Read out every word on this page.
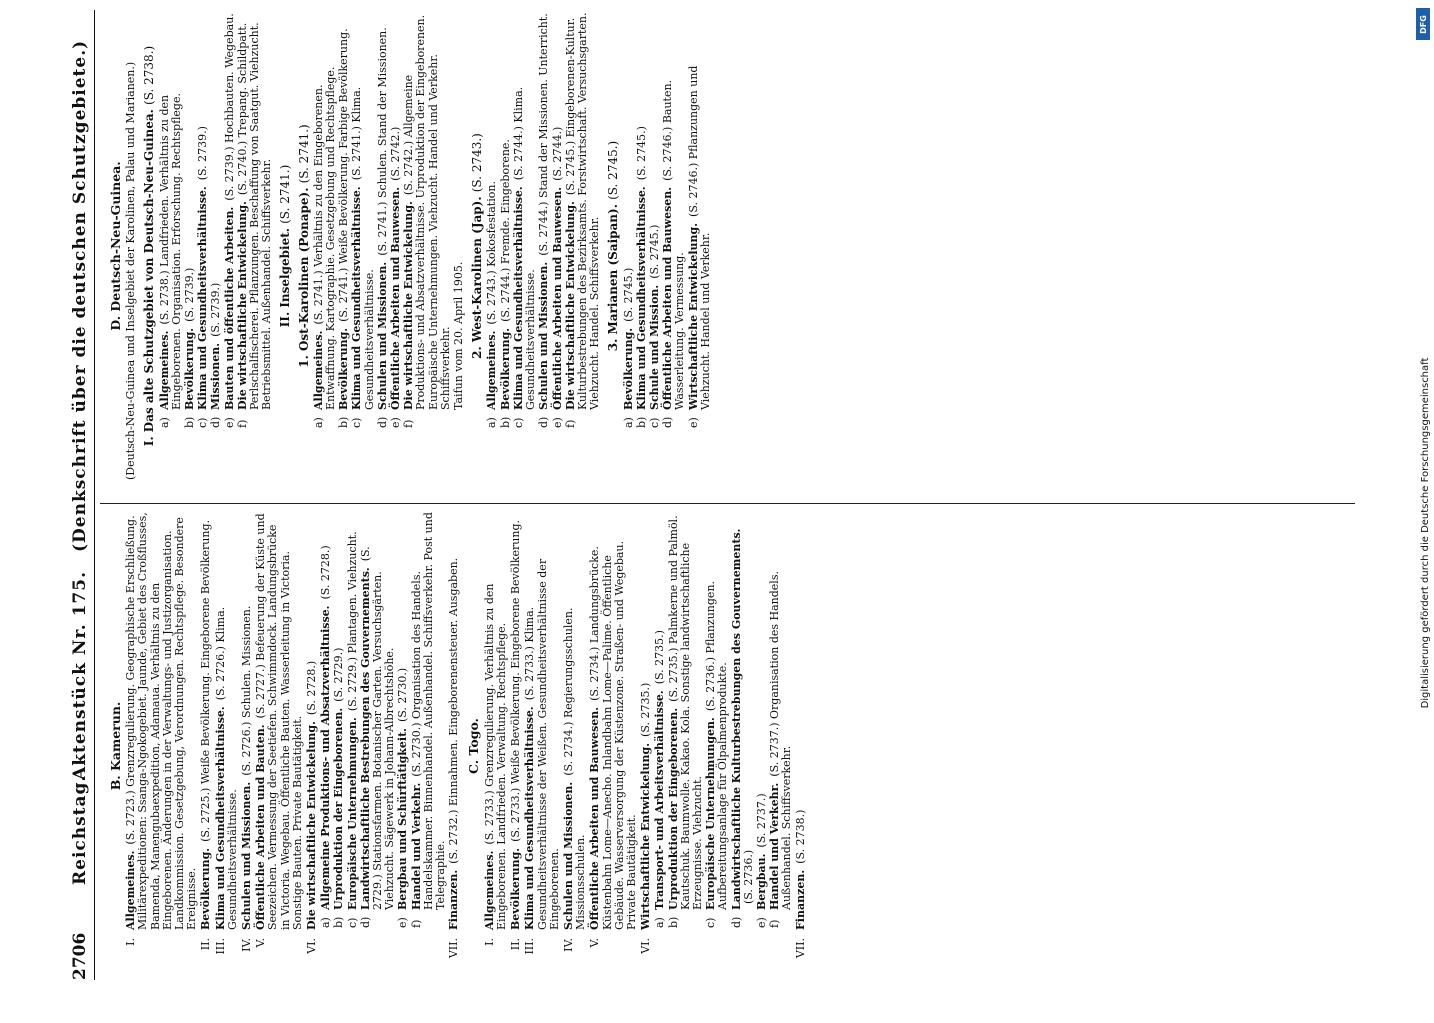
2706
Reichstag.
Aktenstück Nr. 175.
(Denkschrift über die deutschen Schutzgebiete.)
B. Kamerun.
I.
Allgemeines.(S. 2723.) Grenzregulierung. Geographische Erschließung. Militärexpeditionen: Ssanga-Ngokogebiet. Jaunde, Gebiet des Croßflusses, Bamenda, Manengubaexpedition, Adamaua. Verhältnis zu den Eingeborenen. Änderungen in der Verwaltungs- und Justizorganisation. Landkommission. Gesetzgebung, Verordnungen. Rechtspflege. Besondere Ereignisse.
II.
Bevölkerung.(S. 2725.) Weiße Bevölkerung. Eingeborene Bevölkerung.
III.
Klima und Gesundheitsverhältnisse.(S. 2726.) Klima. Gesundheitsverhältnisse.
IV.
Schulen und Missionen.(S. 2726.) Schulen. Missionen.
V.
Öffentliche Arbeiten und Bauten.(S. 2727.) Befeuerung der Küste und Seezeichen. Vermessung der Seetiefen. Schwimmdock. Landungsbrücke in Victoria. Wegebau. Öffentliche Bauten. Wasserleitung in Victoria. Sonstige Bauten. Private Bautätigkeit.
VI.
Die wirtschaftliche Entwickelung.(S. 2728.)
a)
Allgemeine Produktions- und Absatzverhältnisse.(S. 2728.)
b)
Urproduktion der Eingeborenen.(S. 2729.)
c)
Europäische Unternehmungen.(S. 2729.) Plantagen. Viehzucht.
d)
Landwirtschaftliche Bestrebungen des Gouvernements.(S. 2729.) Stationsfarmen. Botanischer Garten. Versuchsgärten. Viehzucht. Sägewerk in Johann-Albrechtshöhe.
e)
Bergbau und Schürftätigkeit.(S. 2730.)
f)
Handel und Verkehr.(S. 2730.) Organisation des Handels. Handelskammer. Binnenhandel. Außenhandel. Schiffsverkehr. Post und Telegraphie.
VII.
Finanzen.(S. 2732.) Einnahmen. Eingeborenensteuer. Ausgaben. C. Togo.
I.
Allgemeines.(S. 2733.) Grenzregulierung. Verhältnis zu den Eingeborenen. Landfrieden. Verwaltung. Rechtspflege.
II.
Bevölkerung.(S. 2733.) Weiße Bevölkerung. Eingeborene Bevölkerung.
III.
Klima und Gesundheitsverhältnisse.(S. 2733.) Klima. Gesundheitsverhältnisse der Weißen. Gesundheitsverhältnisse der Eingeborenen.
IV.
Schulen und Missionen.(S. 2734.) Regierungsschulen. Missionsschulen.
V.
Öffentliche Arbeiten und Bauwesen.(S. 2734.) Landungsbrücke. Küstenbahn Lome—Anecho. Inlandbahn Lome—Palime. Öffentliche Gebäude. Wasserversorgung der Küstenzone. Straßen- und Wegebau. Private Bautätigkeit.
VI.
Wirtschaftliche Entwickelung.(S. 2735.)
a)
Transport- und Arbeitsverhältnisse.(S. 2735.)
b)
Urproduktion der Eingeborenen.(S. 2735.) Palmkerne und Palmöl. Kautschuk. Baumwolle. Kakao. Kola. Sonstige landwirtschaftliche Erzeugnisse. Viehzucht.
c)
Europäische Unternehmungen.(S. 2736.) Pflanzungen. Aufbereitungsanlage für Ölpalmenprodukte.
d)
Landwirtschaftliche Kulturbestrebungen des Gouvernements.(S. 2736.)
e)
Bergbau.(S. 2737.)
f)
Handel und Verkehr.(S. 2737.) Organisation des Handels. Außenhandel. Schiffsverkehr.
VII.
Finanzen.(S. 2738.)
D. Deutsch-Neu-Guinea. (Deutsch-Neu-Guinea und Inselgebiet der Karolinen, Palau und Marianen.) I. Das alte Schutzgebiet von Deutsch-Neu-Guinea. (S. 2738.)
a)
Allgemeines.(S. 2738.) Landfrieden. Verhältnis zu den Eingeborenen. Organisation. Erforschung. Rechtspflege.
b)
Bevölkerung.(S. 2739.)
c)
Klima und Gesundheitsverhältnisse.(S. 2739.)
d)
Missionen.(S. 2739.)
e)
Bauten und öffentliche Arbeiten.(S. 2739.) Hochbauten. Wegebau.
f)
Die wirtschaftliche Entwickelung.(S. 2740.) Trepang. Schildpatt. Perlschalfischerei. Pflanzungen. Beschaffung von Saatgut. Viehzucht. Betriebsmittel. Außenhandel. Schiffsverkehr. II. Inselgebiet. (S. 2741.) 1. Ost-Karolinen (Ponape). (S. 2741.)
a)
Allgemeines.(S. 2741.) Verhältnis zu den Eingeborenen. Entwaffnung. Kartographie. Gesetzgebung und Rechtspflege.
b)
Bevölkerung.(S. 2741.) Weiße Bevölkerung. Farbige Bevölkerung.
c)
Klima und Gesundheitsverhältnisse.(S. 2741.) Klima. Gesundheitsverhältnisse.
d)
Schulen und Missionen.(S. 2741.) Schulen. Stand der Missionen.
e)
Öffentliche Arbeiten und Bauwesen.(S. 2742.)
f)
Die wirtschaftliche Entwickelung.(S. 2742.) Allgemeine Produktions- und Absatzverhältnisse. Urproduktion der Eingeborenen. Europäische Unternehmungen. Viehzucht. Handel und Verkehr. Schiffsverkehr. Taifun vom 20. April 1905. 2. West-Karolinen (Jap). (S. 2743.)
a)
Allgemeines.(S. 2743.) Kokosfestation.
b)
Bevölkerung.(S. 2744.) Fremde. Eingeborene.
c)
Klima und Gesundheitsverhältnisse.(S. 2744.) Klima. Gesundheitsverhältnisse.
d)
Schulen und Missionen.(S. 2744.) Stand der Missionen. Unterricht.
e)
Öffentliche Arbeiten und Bauwesen.(S. 2744.)
f)
Die wirtschaftliche Entwickelung.(S. 2745.) Eingeborenen-Kultur. Kulturbestrebungen des Bezirksamts. Forstwirtschaft. Versuchsgarten. Viehzucht. Handel. Schiffsverkehr. 3. Marianen (Saipan). (S. 2745.)
a)
Bevölkerung.(S. 2745.)
b)
Klima und Gesundheitsverhältnisse.(S. 2745.)
c)
Schule und Mission.(S. 2745.)
d)
Öffentliche Arbeiten und Bauwesen.(S. 2746.) Bauten. Wasserleitung. Vermessung.
e)
Wirtschaftliche Entwickelung.(S. 2746.) Pflanzungen und Viehzucht. Handel und Verkehr.
DFG
Digitalisierung gefördert durch die Deutsche Forschungsgemeinschaft
